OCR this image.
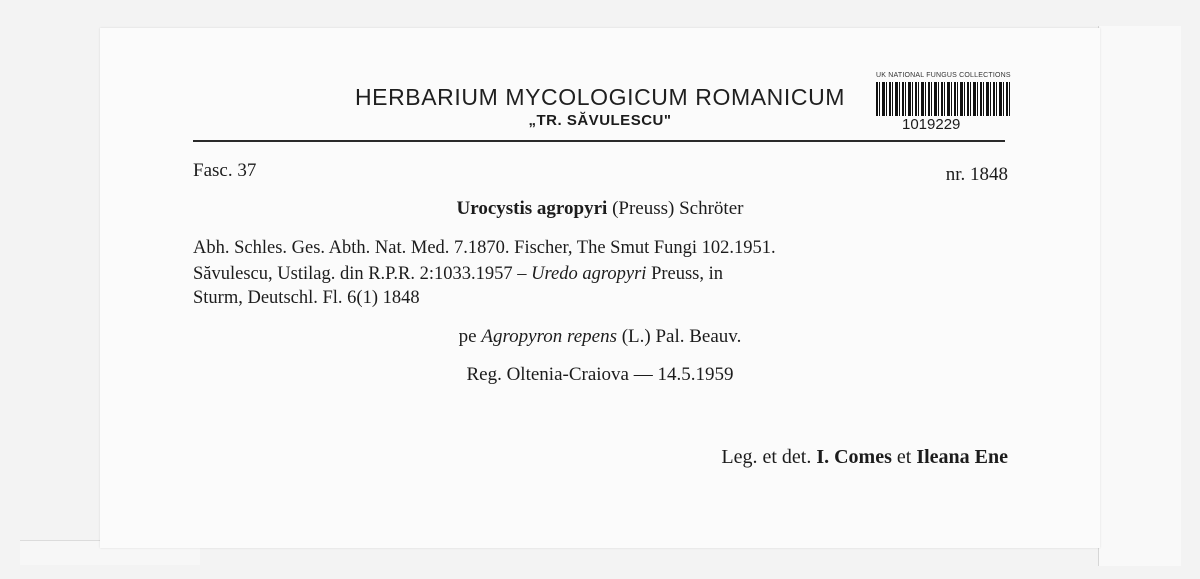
HERBARIUM MYCOLOGICUM ROMANICUM
„TR. SĂVULESCU"
UK NATIONAL FUNGUS COLLECTIONS
1019229
Fasc. 37	nr. 1848
Urocystis agropyri (Preuss) Schröter
Abh. Schles. Ges. Abth. Nat. Med. 7.1870. Fischer, The Smut Fungi 102.1951.
Săvulescu, Ustilag. din R.P.R. 2:1033.1957 – Uredo agropyri Preuss, in
Sturm, Deutschl. Fl. 6(1) 1848
pe Agropyron repens (L.) Pal. Beauv.
Reg. Oltenia-Craiova — 14.5.1959
Leg. et det. I. Comes et Ileana Ene
